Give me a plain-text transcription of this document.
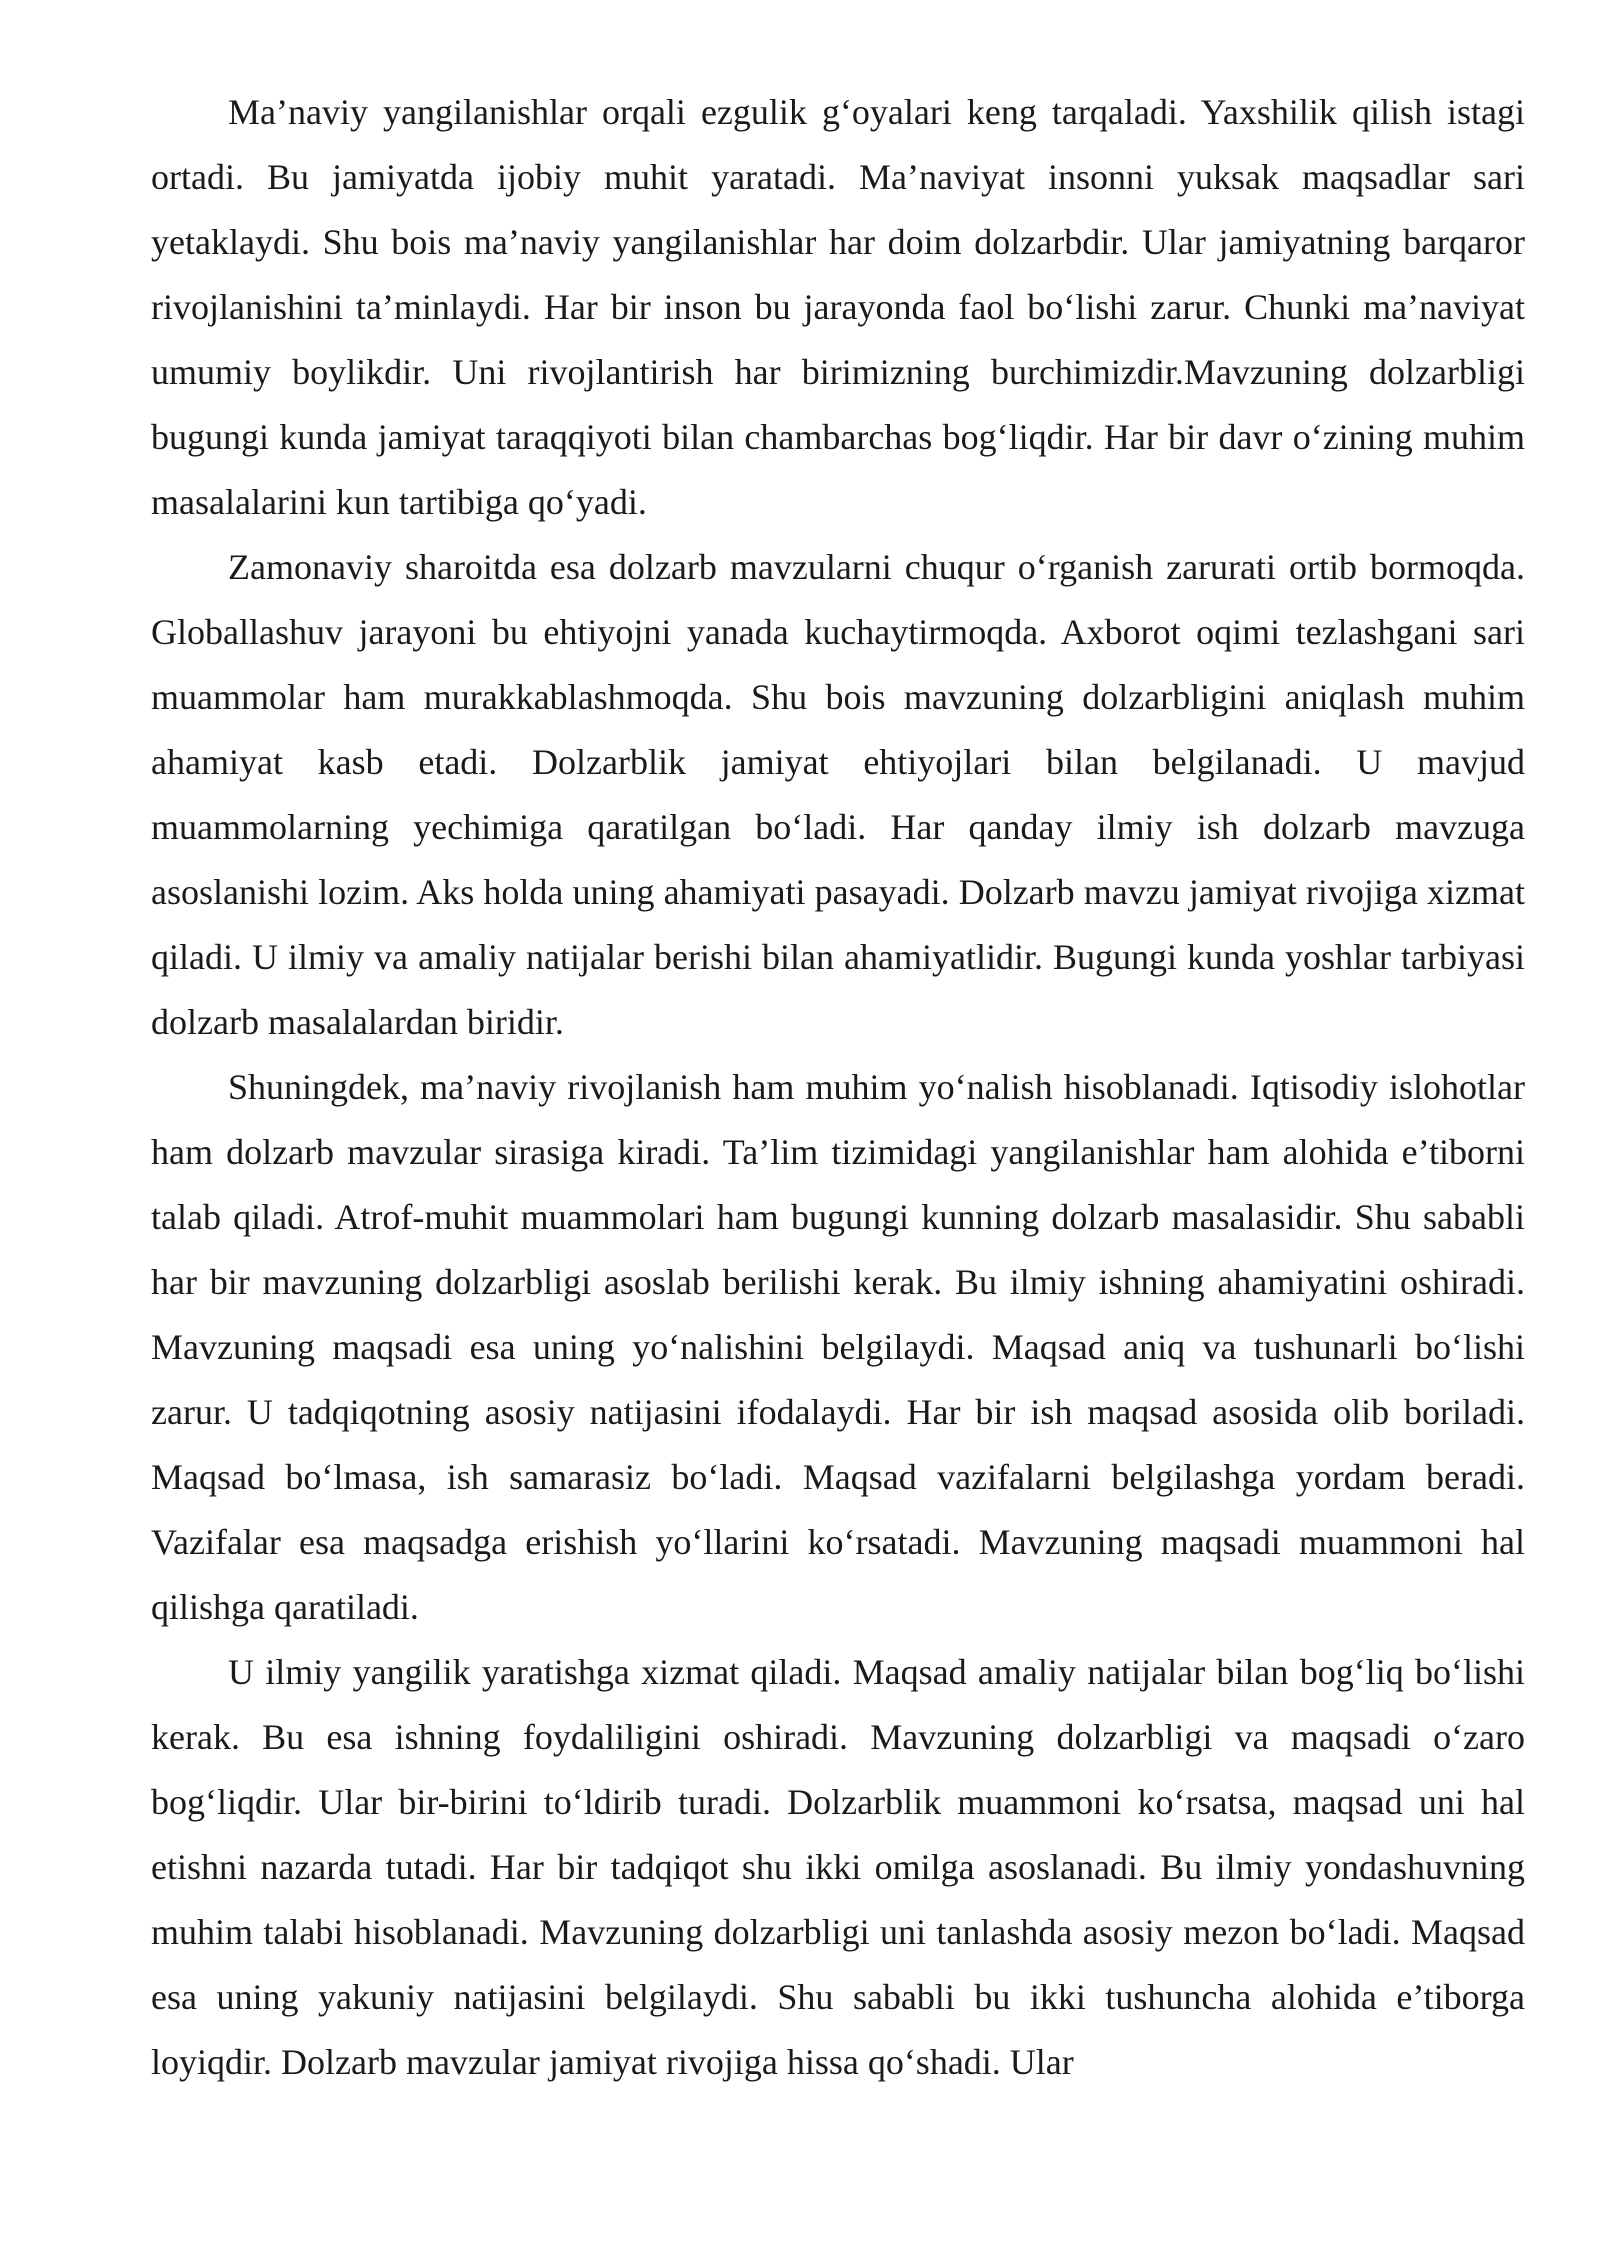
Ma’naviy yangilanishlar orqali ezgulik g‘oyalari keng tarqaladi. Yaxshilik qilish istagi ortadi. Bu jamiyatda ijobiy muhit yaratadi. Ma’naviyat insonni yuksak maqsadlar sari yetaklaydi. Shu bois ma’naviy yangilanishlar har doim dolzarbdir. Ular jamiyatning barqaror rivojlanishini ta’minlaydi. Har bir inson bu jarayonda faol bo‘lishi zarur. Chunki ma’naviyat umumiy boylikdir. Uni rivojlantirish har birimizning burchimizdir.Mavzuning dolzarbligi bugungi kunda jamiyat taraqqiyoti bilan chambarchas bog‘liqdir. Har bir davr o‘zining muhim masalalarini kun tartibiga qo‘yadi.

Zamonaviy sharoitda esa dolzarb mavzularni chuqur o‘rganish zarurati ortib bormoqda. Globallashuv jarayoni bu ehtiyojni yanada kuchaytirmoqda. Axborot oqimi tezlashgani sari muammolar ham murakkablashmoqda. Shu bois mavzuning dolzarbligini aniqlash muhim ahamiyat kasb etadi. Dolzarblik jamiyat ehtiyojlari bilan belgilanadi. U mavjud muammolarning yechimiga qaratilgan bo‘ladi. Har qanday ilmiy ish dolzarb mavzuga asoslanishi lozim. Aks holda uning ahamiyati pasayadi. Dolzarb mavzu jamiyat rivojiga xizmat qiladi. U ilmiy va amaliy natijalar berishi bilan ahamiyatlidir. Bugungi kunda yoshlar tarbiyasi dolzarb masalalardan biridir.

Shuningdek, ma’naviy rivojlanish ham muhim yo‘nalish hisoblanadi. Iqtisodiy islohotlar ham dolzarb mavzular sirasiga kiradi. Ta’lim tizimidagi yangilanishlar ham alohida e’tiborni talab qiladi. Atrof-muhit muammolari ham bugungi kunning dolzarb masalasidir. Shu sababli har bir mavzuning dolzarbligi asoslab berilishi kerak. Bu ilmiy ishning ahamiyatini oshiradi. Mavzuning maqsadi esa uning yo‘nalishini belgilaydi. Maqsad aniq va tushunarli bo‘lishi zarur. U tadqiqotning asosiy natijasini ifodalaydi. Har bir ish maqsad asosida olib boriladi. Maqsad bo‘lmasa, ish samarasiz bo‘ladi. Maqsad vazifalarni belgilashga yordam beradi. Vazifalar esa maqsadga erishish yo‘llarini ko‘rsatadi. Mavzuning maqsadi muammoni hal qilishga qaratiladi.

U ilmiy yangilik yaratishga xizmat qiladi. Maqsad amaliy natijalar bilan bog‘liq bo‘lishi kerak. Bu esa ishning foydaliligini oshiradi. Mavzuning dolzarbligi va maqsadi o‘zaro bog‘liqdir. Ular bir-birini to‘ldirib turadi. Dolzarblik muammoni ko‘rsatsa, maqsad uni hal etishni nazarda tutadi. Har bir tadqiqot shu ikki omilga asoslanadi. Bu ilmiy yondashuvning muhim talabi hisoblanadi. Mavzuning dolzarbligi uni tanlashda asosiy mezon bo‘ladi. Maqsad esa uning yakuniy natijasini belgilaydi. Shu sababli bu ikki tushuncha alohida e’tiborga loyiqdir. Dolzarb mavzular jamiyat rivojiga hissa qo‘shadi. Ular
